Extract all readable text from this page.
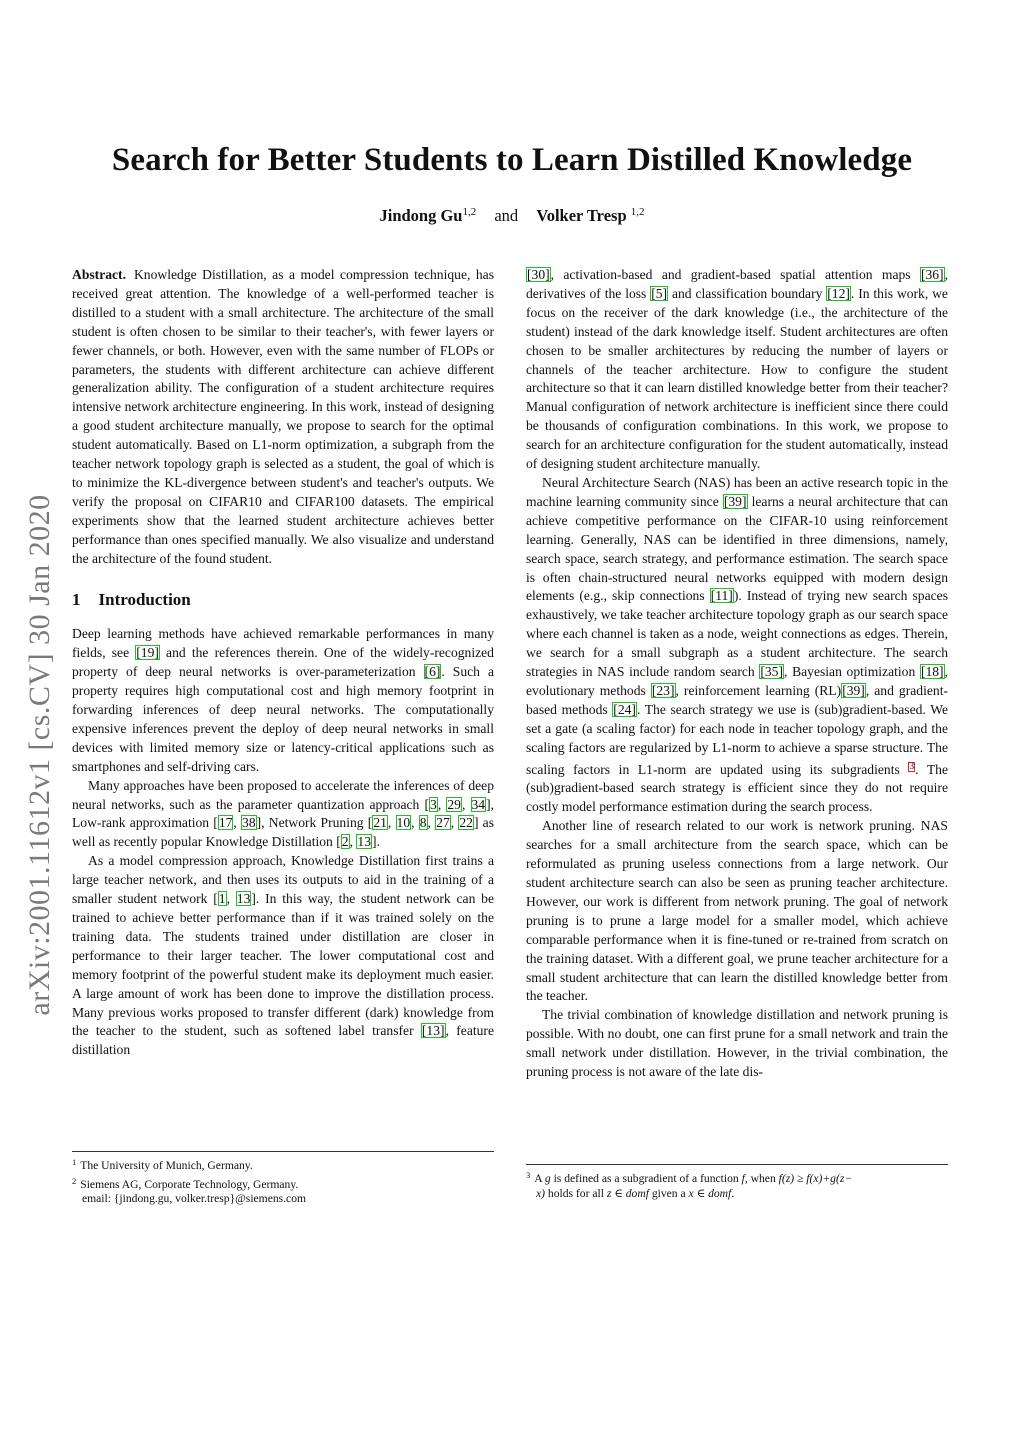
Search for Better Students to Learn Distilled Knowledge
Jindong Gu$^{1,2}$ and Volker Tresp $^{1,2}$
arXiv:2001.11612v1 [cs.CV] 30 Jan 2020

Abstract. Knowledge Distillation, as a model compression technique, has received great attention. The knowledge of a well-performed teacher is distilled to a student with a small architecture. The architecture of the small student is often chosen to be similar to their teacher's, with fewer layers or fewer channels, or both. However, even with the same number of FLOPs or parameters, the students with different architecture can achieve different generalization ability. The configuration of a student architecture requires intensive network architecture engineering. In this work, instead of designing a good student architecture manually, we propose to search for the optimal student automatically. Based on L1-norm optimization, a subgraph from the teacher network topology graph is selected as a student, the goal of which is to minimize the KL-divergence between student's and teacher's outputs. We verify the proposal on CIFAR10 and CIFAR100 datasets. The empirical experiments show that the learned student architecture achieves better performance than ones specified manually. We also visualize and understand the architecture of the found student.

1 Introduction

Deep learning methods have achieved remarkable performances in many fields, see [19] and the references therein. One of the widely-recognized property of deep neural networks is over-parameterization [6]. Such a property requires high computational cost and high memory footprint in forwarding inferences of deep neural networks. The computationally expensive inferences prevent the deploy of deep neural networks in small devices with limited memory size or latency-critical applications such as smartphones and self-driving cars.

Many approaches have been proposed to accelerate the inferences of deep neural networks, such as the parameter quantization approach [3, 29, 34], Low-rank approximation [17, 38], Network Pruning [21, 10, 8, 27, 22] as well as recently popular Knowledge Distillation [2, 13].

As a model compression approach, Knowledge Distillation first trains a large teacher network, and then uses its outputs to aid in the training of a smaller student network [1, 13]. In this way, the student network can be trained to achieve better performance than if it was trained solely on the training data. The students trained under distillation are closer in performance to their larger teacher. The lower computational cost and memory footprint of the powerful student make its deployment much easier. A large amount of work has been done to improve the distillation process. Many previous works proposed to transfer different (dark) knowledge from the teacher to the student, such as softened label transfer [13], feature distillation

[30], activation-based and gradient-based spatial attention maps [36], derivatives of the loss [5] and classification boundary [12]. In this work, we focus on the receiver of the dark knowledge (i.e., the architecture of the student) instead of the dark knowledge itself. Student architectures are often chosen to be smaller architectures by reducing the number of layers or channels of the teacher architecture. How to configure the student architecture so that it can learn distilled knowledge better from their teacher? Manual configuration of network architecture is inefficient since there could be thousands of configuration combinations. In this work, we propose to search for an architecture configuration for the student automatically, instead of designing student architecture manually.

Neural Architecture Search (NAS) has been an active research topic in the machine learning community since [39] learns a neural architecture that can achieve competitive performance on the CIFAR-10 using reinforcement learning. Generally, NAS can be identified in three dimensions, namely, search space, search strategy, and performance estimation. The search space is often chain-structured neural networks equipped with modern design elements (e.g., skip connections [11]). Instead of trying new search spaces exhaustively, we take teacher architecture topology graph as our search space where each channel is taken as a node, weight connections as edges. Therein, we search for a small subgraph as a student architecture. The search strategies in NAS include random search [35], Bayesian optimization [18], evolutionary methods [23], reinforcement learning (RL)[39], and gradient-based methods [24]. The search strategy we use is (sub)gradient-based. We set a gate (a scaling factor) for each node in teacher topology graph, and the scaling factors are regularized by L1-norm to achieve a sparse structure. The scaling factors in L1-norm are updated using its subgradients $^3$. The (sub)gradient-based search strategy is efficient since they do not require costly model performance estimation during the search process.

Another line of research related to our work is network pruning. NAS searches for a small architecture from the search space, which can be reformulated as pruning useless connections from a large network. Our student architecture search can also be seen as pruning teacher architecture. However, our work is different from network pruning. The goal of network pruning is to prune a large model for a smaller model, which achieve comparable performance when it is fine-tuned or re-trained from scratch on the training dataset. With a different goal, we prune teacher architecture for a small student architecture that can learn the distilled knowledge better from the teacher.

The trivial combination of knowledge distillation and network pruning is possible. With no doubt, one can first prune for a small network and train the small network under distillation. However, in the trivial combination, the pruning process is not aware of the late dis-

$^1$ The University of Munich, Germany.
$^2$ Siemens AG, Corporate Technology, Germany.
email: {jindong.gu, volker.tresp}@siemens.com
$^3$ A g is defined as a subgradient of a function f, when f(z) ≥ f(x)+g(z−
x) holds for all z ∈ domf given a x ∈ domf.
